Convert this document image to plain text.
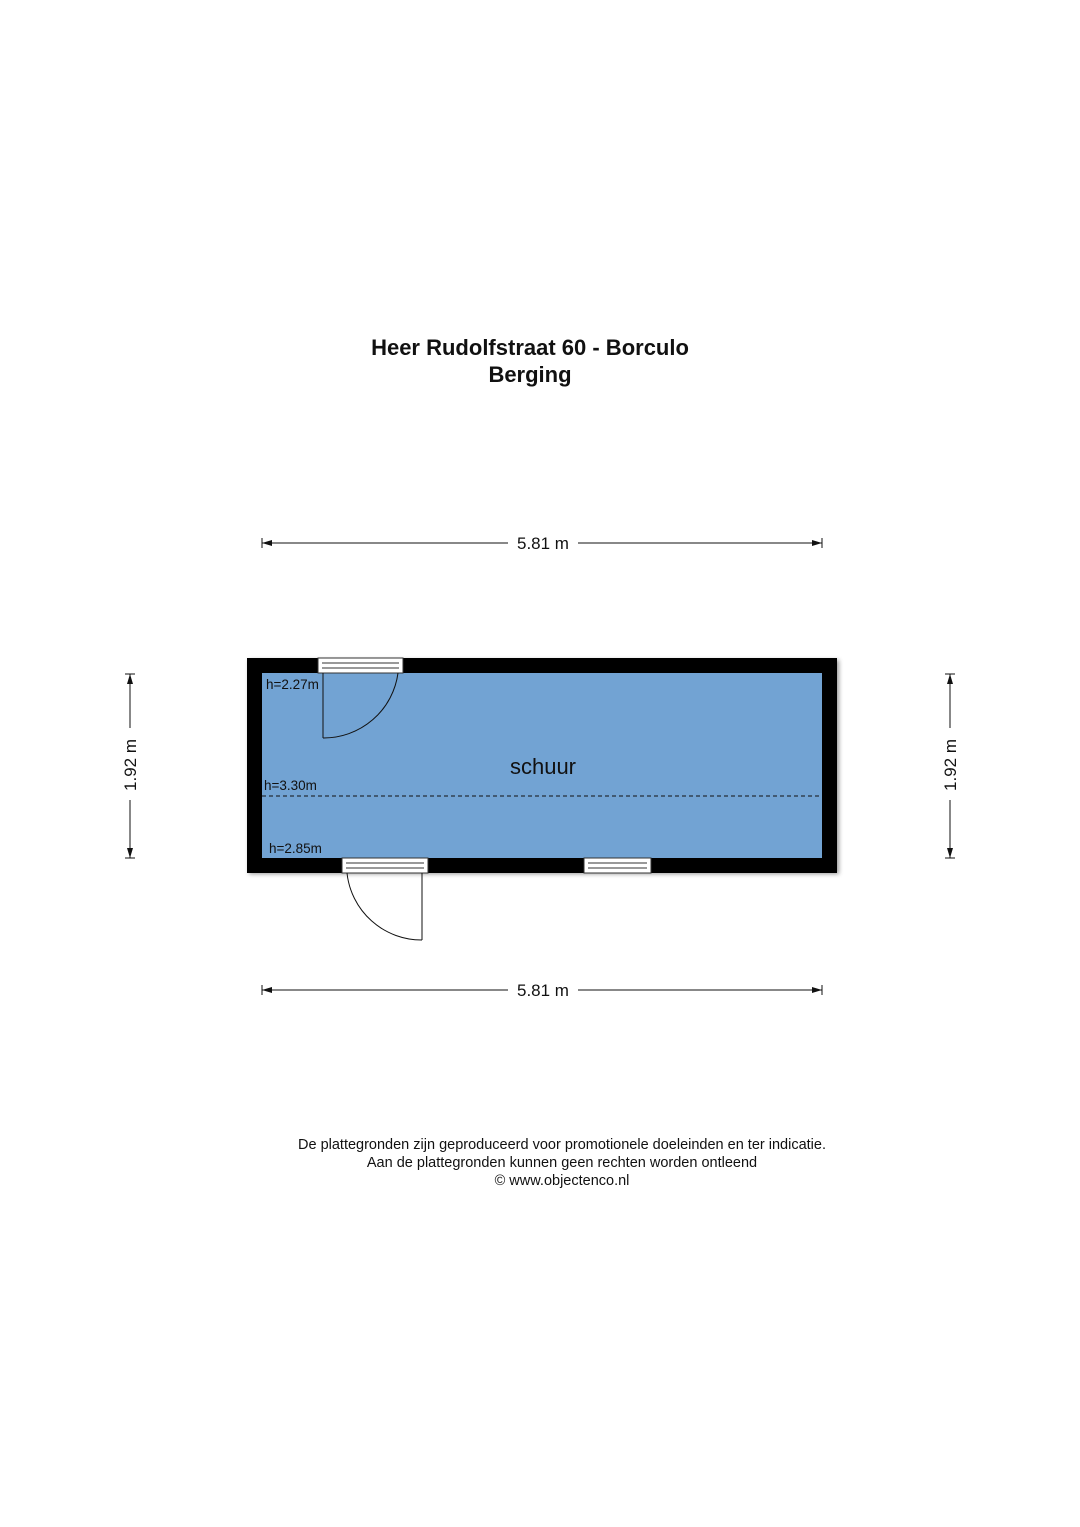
Heer Rudolfstraat 60 - Borculo
Berging
5.81 m
5.81 m
1.92 m	1.92 m
schuur
h=2.27m
h=3.30m
h=2.85m
De plattegronden zijn geproduceerd voor promotionele doeleinden en ter indicatie.
Aan de plattegronden kunnen geen rechten worden ontleend
© www.objectenco.nl
